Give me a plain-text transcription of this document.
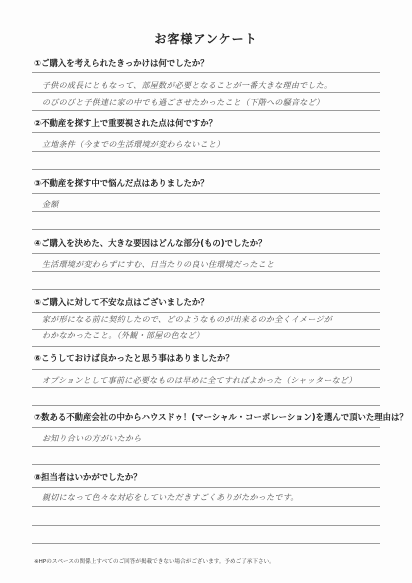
お客様アンケート
①ご購入を考えられたきっかけは何でしたか？
子供の成長にともなって、部屋数が必要となることが一番大きな理由でした。
のびのびと子供達に家の中でも過ごさせたかったこと（下階への騒音など）
②不動産を探す上で重要視された点は何ですか？
立地条件（今までの生活環境が変わらないこと）
③不動産を探す中で悩んだ点はありましたか？
金額
④ご購入を決めた、大きな要因はどんな部分(もの)でしたか？
生活環境が変わらずにすむ、日当たりの良い住環境だったこと
⑤ご購入に対して不安な点はございましたか？
家が形になる前に契約したので、どのようなものが出来るのか全くイメージが
わかなかったこと。（外観・部屋の色など）
⑥こうしておけば良かったと思う事はありましたか？
オプションとして事前に必要なものは早めに全てすればよかった（シャッターなど）
⑦数ある不動産会社の中からハウスドゥ！(マーシャル・コーポレーション)を選んで頂いた理由は？
お知り合いの方がいたから
⑧担当者はいかがでしたか？
親切になって色々な対応をしていただきすごくありがたかったです。
※HPのスペースの関係上すべてのご回答が掲載できない場合がございます。予めご了承下さい。
